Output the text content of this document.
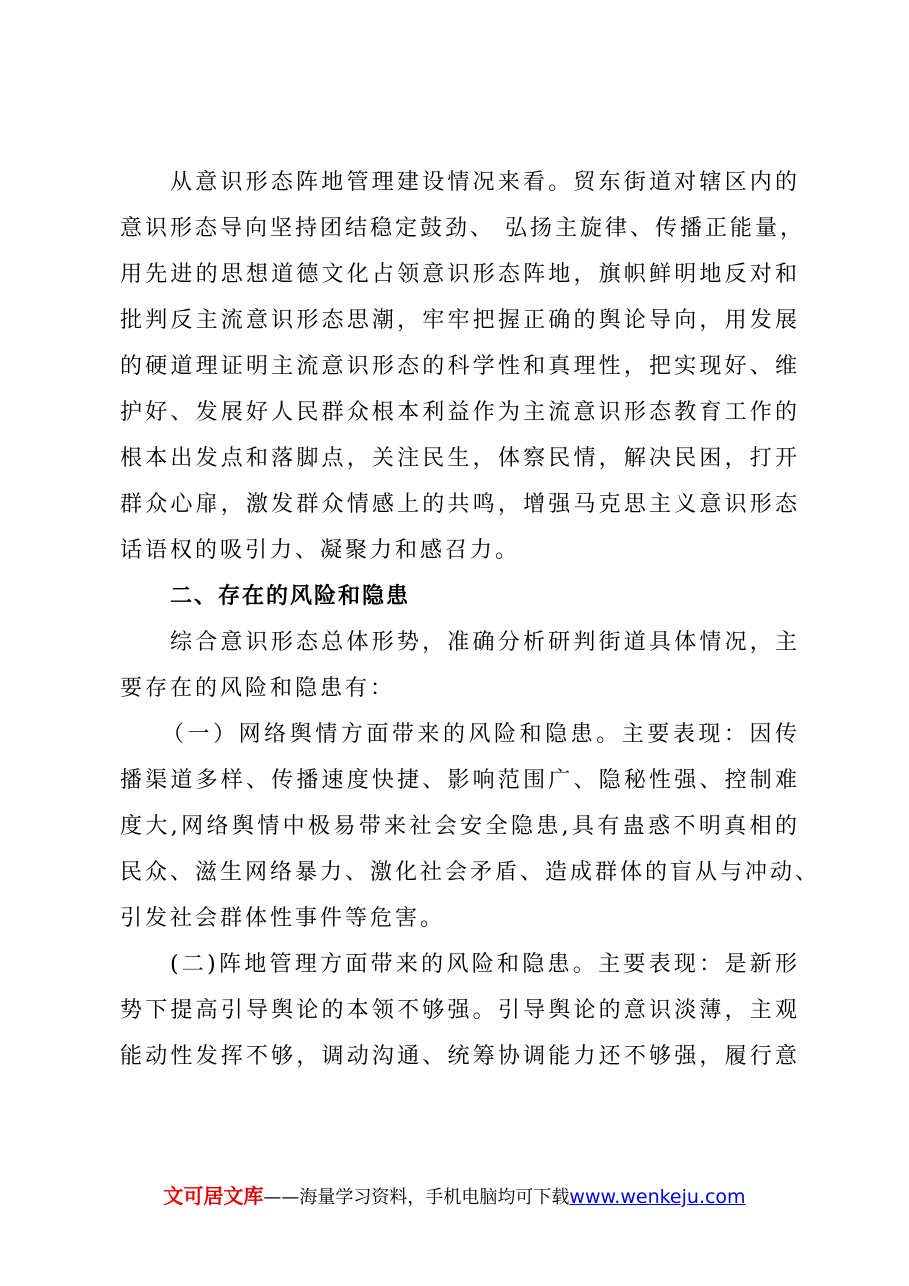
从意识形态阵地管理建设情况来看。贸东街道对辖区内的
意识形态导向坚持团结稳定鼓劲、 弘扬主旋律、传播正能量，
用先进的思想道德文化占领意识形态阵地，旗帜鲜明地反对和
批判反主流意识形态思潮，牢牢把握正确的舆论导向，用发展
的硬道理证明主流意识形态的科学性和真理性，把实现好、维
护好、发展好人民群众根本利益作为主流意识形态教育工作的
根本出发点和落脚点，关注民生，体察民情，解决民困，打开
群众心扉，激发群众情感上的共鸣，增强马克思主义意识形态
话语权的吸引力、凝聚力和感召力。
二、存在的风险和隐患
综合意识形态总体形势，准确分析研判街道具体情况，主
要存在的风险和隐患有：
（一）网络舆情方面带来的风险和隐患。主要表现：因传
播渠道多样、传播速度快捷、影响范围广、隐秘性强、控制难
度大,网络舆情中极易带来社会安全隐患,具有蛊惑不明真相的
民众、滋生网络暴力、激化社会矛盾、造成群体的盲从与冲动、
引发社会群体性事件等危害。
(二)阵地管理方面带来的风险和隐患。主要表现：是新形
势下提高引导舆论的本领不够强。引导舆论的意识淡薄，主观
能动性发挥不够，调动沟通、统筹协调能力还不够强，履行意
文可居文库——海量学习资料，手机电脑均可下载www.wenkeju.com
